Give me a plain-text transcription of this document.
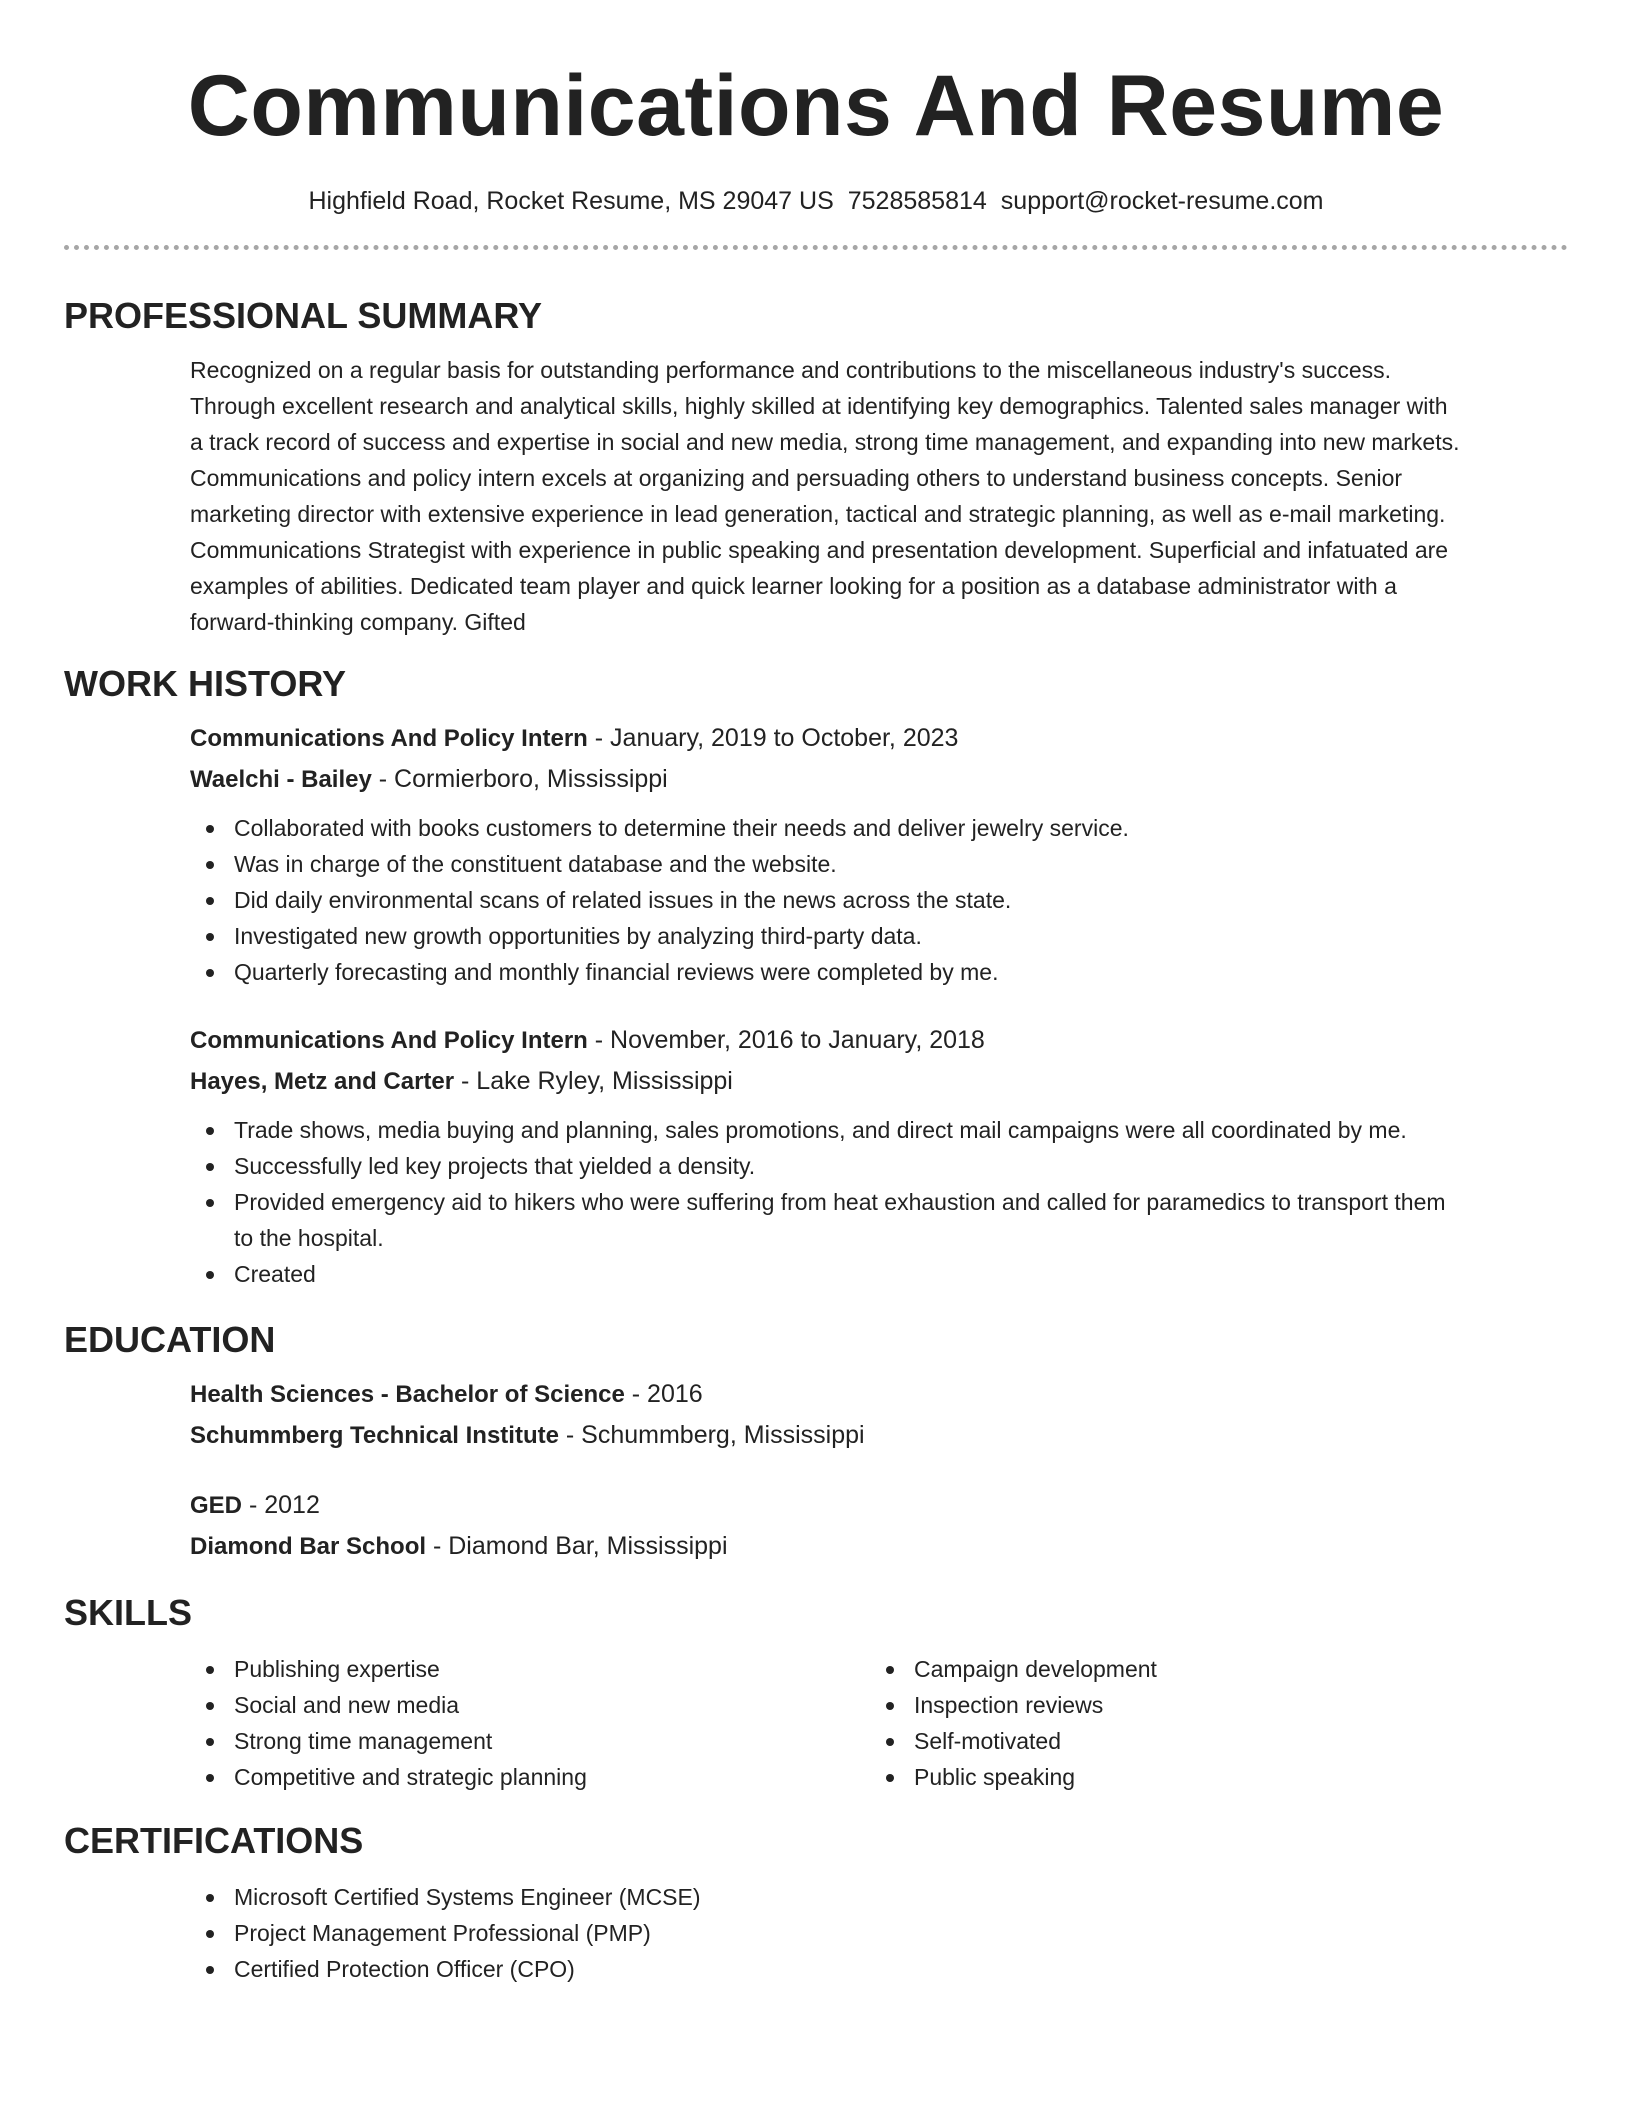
Communications And Resume
Highfield Road, Rocket Resume, MS 29047 US 7528585814 support@rocket-resume.com
PROFESSIONAL SUMMARY
Recognized on a regular basis for outstanding performance and contributions to the miscellaneous industry's success.
Through excellent research and analytical skills, highly skilled at identifying key demographics. Talented sales manager with
a track record of success and expertise in social and new media, strong time management, and expanding into new markets.
Communications and policy intern excels at organizing and persuading others to understand business concepts. Senior
marketing director with extensive experience in lead generation, tactical and strategic planning, as well as e-mail marketing.
Communications Strategist with experience in public speaking and presentation development. Superficial and infatuated are
examples of abilities. Dedicated team player and quick learner looking for a position as a database administrator with a
forward-thinking company. Gifted
WORK HISTORY
Communications And Policy Intern - January, 2019 to October, 2023
Waelchi - Bailey - Cormierboro, Mississippi
Collaborated with books customers to determine their needs and deliver jewelry service.
Was in charge of the constituent database and the website.
Did daily environmental scans of related issues in the news across the state.
Investigated new growth opportunities by analyzing third-party data.
Quarterly forecasting and monthly financial reviews were completed by me.
Communications And Policy Intern - November, 2016 to January, 2018
Hayes, Metz and Carter - Lake Ryley, Mississippi
Trade shows, media buying and planning, sales promotions, and direct mail campaigns were all coordinated by me.
Successfully led key projects that yielded a density.
Provided emergency aid to hikers who were suffering from heat exhaustion and called for paramedics to transport them
to the hospital.
Created
EDUCATION
Health Sciences - Bachelor of Science - 2016
Schummberg Technical Institute - Schummberg, Mississippi
GED - 2012
Diamond Bar School - Diamond Bar, Mississippi
SKILLS
Publishing expertise
Social and new media
Strong time management
Competitive and strategic planning
Campaign development
Inspection reviews
Self-motivated
Public speaking
CERTIFICATIONS
Microsoft Certified Systems Engineer (MCSE)
Project Management Professional (PMP)
Certified Protection Officer (CPO)
